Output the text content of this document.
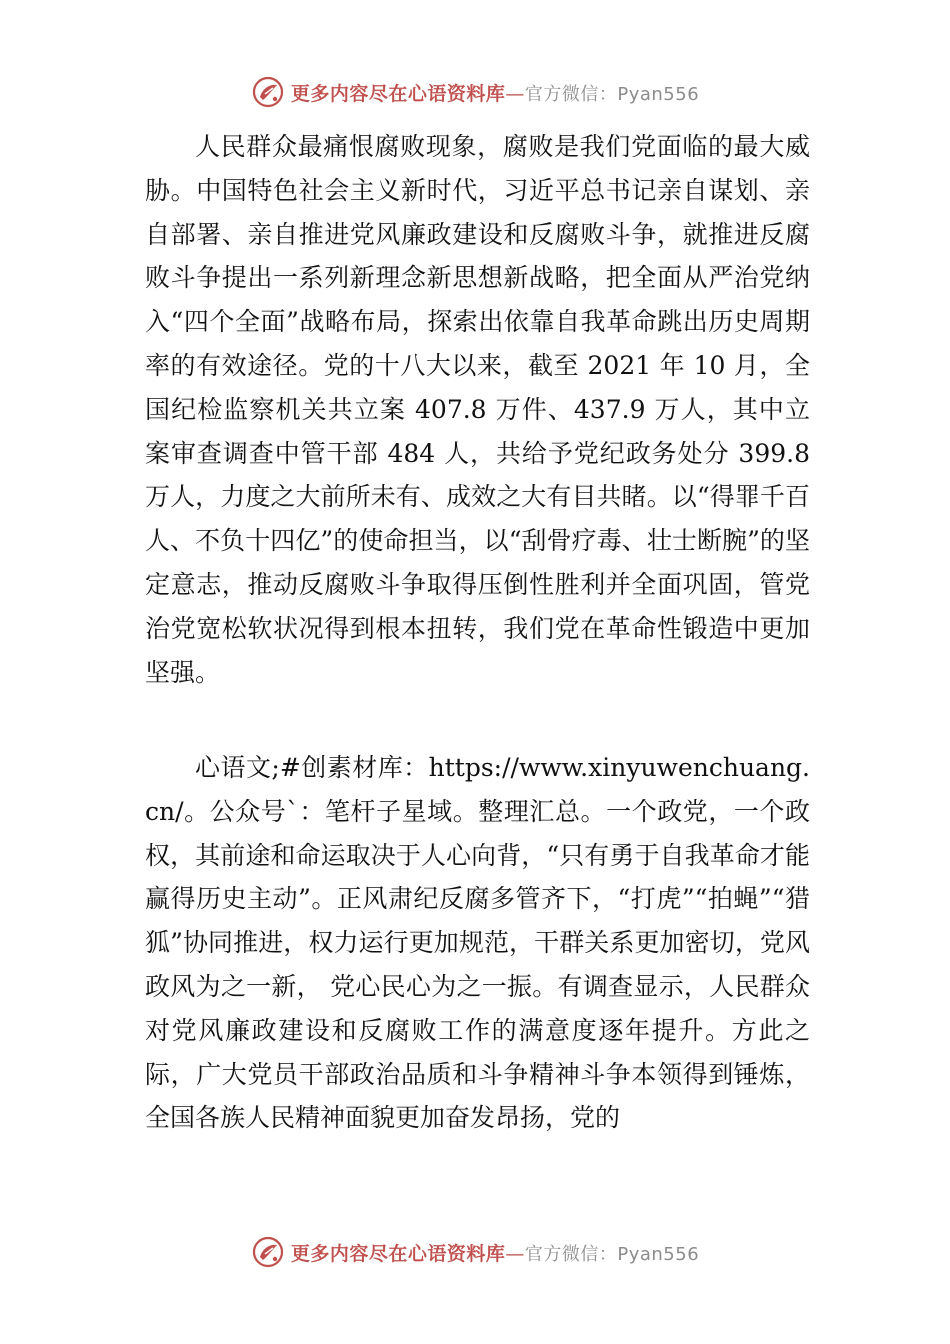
更多内容尽在心语资料库—官方微信：Pyan556

人民群众最痛恨腐败现象，腐败是我们党面临的最大威胁。中国特色社会主义新时代，习近平总书记亲自谋划、亲自部署、亲自推进党风廉政建设和反腐败斗争，就推进反腐败斗争提出一系列新理念新思想新战略，把全面从严治党纳入“四个全面”战略布局，探索出依靠自我革命跳出历史周期率的有效途径。党的十八大以来，截至 2021 年 10 月，全国纪检监察机关共立案 407.8 万件、437.9 万人，其中立案审查调查中管干部 484 人，共给予党纪政务处分 399.8 万人，力度之大前所未有、成效之大有目共睹。以“得罪千百人、不负十四亿”的使命担当，以“刮骨疗毒、壮士断腕”的坚定意志，推动反腐败斗争取得压倒性胜利并全面巩固，管党治党宽松软状况得到根本扭转，我们党在革命性锻造中更加坚强。

心语文;#创素材库：https://www.xinyuwenchuang.cn/。公众号`：笔杆子星域。整理汇总。一个政党，一个政权，其前途和命运取决于人心向背，“只有勇于自我革命才能赢得历史主动”。正风肃纪反腐多管齐下，“打虎”“拍蝇”“猎狐”协同推进，权力运行更加规范，干群关系更加密切，党风政风为之一新， 党心民心为之一振。有调查显示，人民群众对党风廉政建设和反腐败工作的满意度逐年提升。方此之际，广大党员干部政治品质和斗争精神斗争本领得到锤炼，全国各族人民精神面貌更加奋发昂扬，党的

更多内容尽在心语资料库—官方微信：Pyan556
